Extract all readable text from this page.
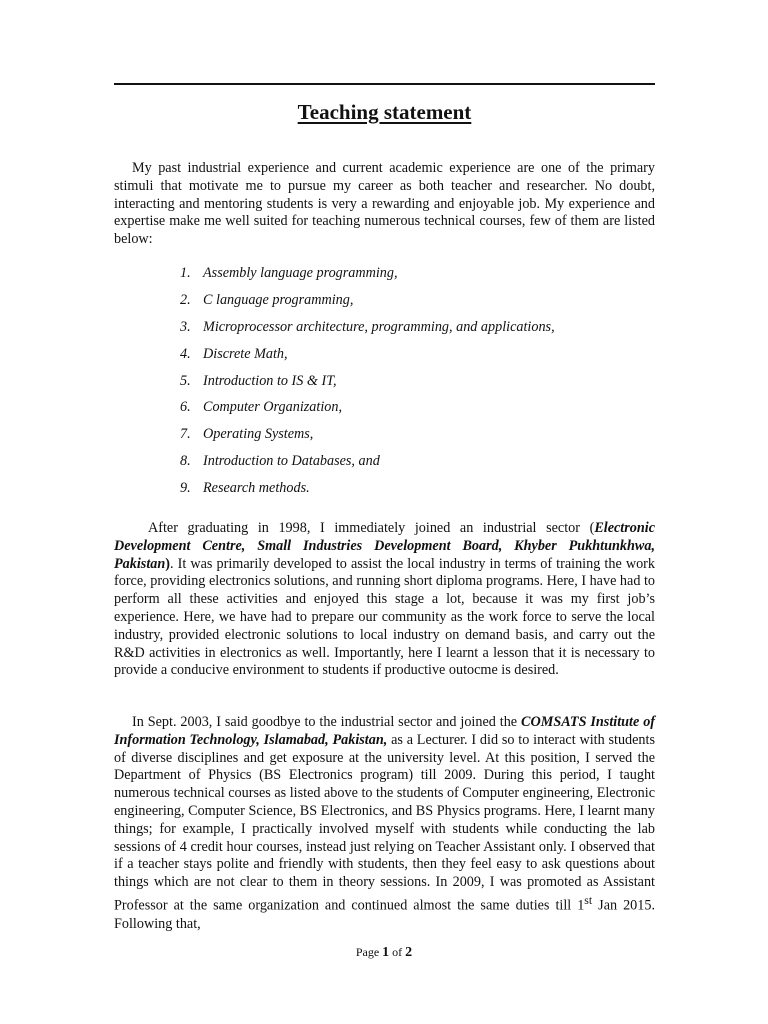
Teaching statement
My past industrial experience and current academic experience are one of the primary stimuli that motivate me to pursue my career as both teacher and researcher. No doubt, interacting and mentoring students is very a rewarding and enjoyable job. My experience and expertise make me well suited for teaching numerous technical courses, few of them are listed below:
1. Assembly language programming,
2. C language programming,
3. Microprocessor architecture, programming, and applications,
4. Discrete Math,
5. Introduction to IS & IT,
6. Computer Organization,
7. Operating Systems,
8. Introduction to Databases, and
9. Research methods.
After graduating in 1998, I immediately joined an industrial sector (Electronic Development Centre, Small Industries Development Board, Khyber Pukhtunkhwa, Pakistan). It was primarily developed to assist the local industry in terms of training the work force, providing electronics solutions, and running short diploma programs. Here, I have had to perform all these activities and enjoyed this stage a lot, because it was my first job’s experience. Here, we have had to prepare our community as the work force to serve the local industry, provided electronic solutions to local industry on demand basis, and carry out the R&D activities in electronics as well. Importantly, here I learnt a lesson that it is necessary to provide a conducive environment to students if productive outocme is desired.
In Sept. 2003, I said goodbye to the industrial sector and joined the COMSATS Institute of Information Technology, Islamabad, Pakistan, as a Lecturer. I did so to interact with students of diverse disciplines and get exposure at the university level. At this position, I served the Department of Physics (BS Electronics program) till 2009. During this period, I taught numerous technical courses as listed above to the students of Computer engineering, Electronic engineering, Computer Science, BS Electronics, and BS Physics programs. Here, I learnt many things; for example, I practically involved myself with students while conducting the lab sessions of 4 credit hour courses, instead just relying on Teacher Assistant only. I observed that if a teacher stays polite and friendly with students, then they feel easy to ask questions about things which are not clear to them in theory sessions. In 2009, I was promoted as Assistant Professor at the same organization and continued almost the same duties till 1st Jan 2015. Following that,
Page 1 of 2
